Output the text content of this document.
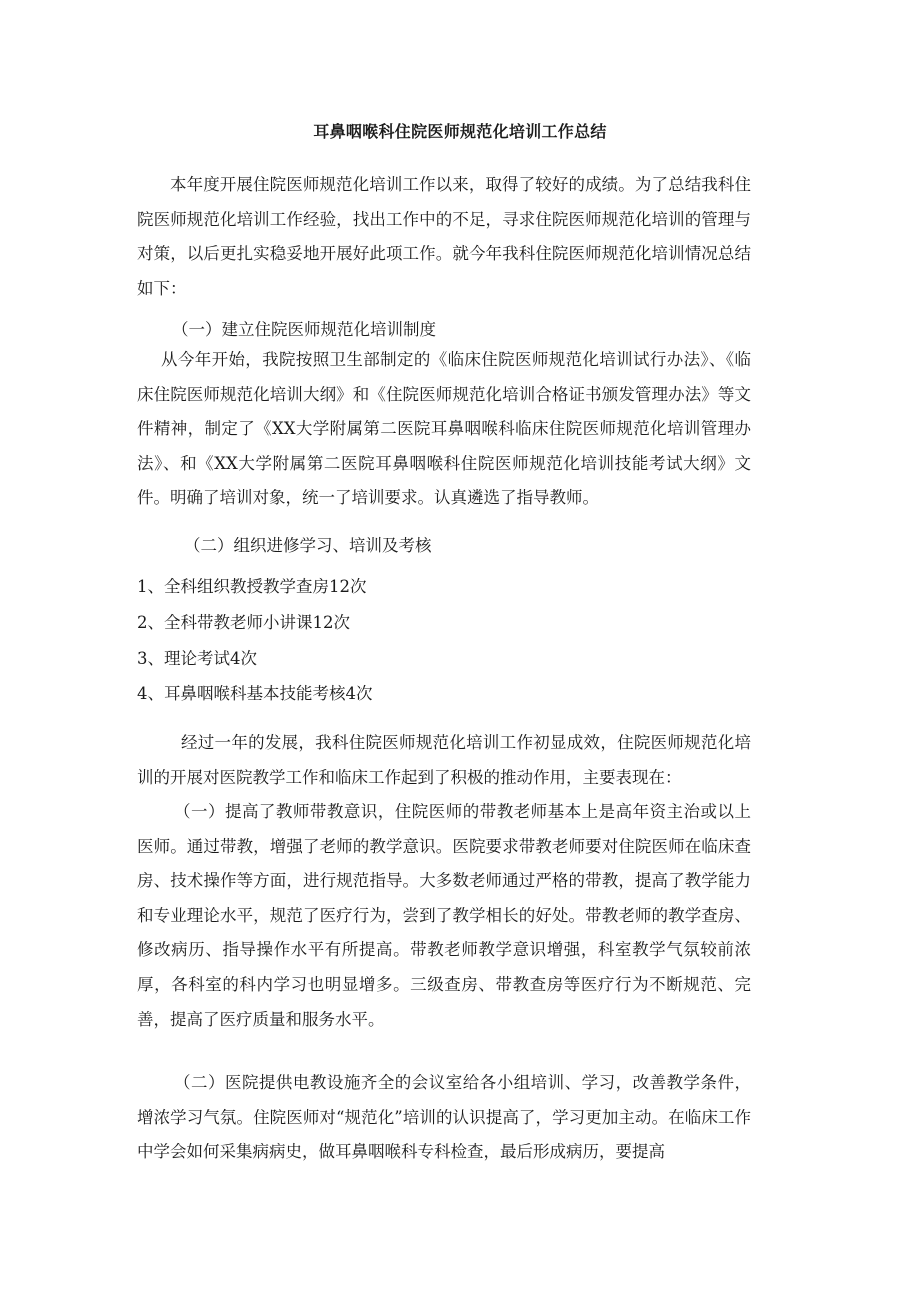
耳鼻咽喉科住院医师规范化培训工作总结

本年度开展住院医师规范化培训工作以来，取得了较好的成绩。为了总结我科住院医师规范化培训工作经验，找出工作中的不足，寻求住院医师规范化培训的管理与对策，以后更扎实稳妥地开展好此项工作。就今年我科住院医师规范化培训情况总结如下：

（一）建立住院医师规范化培训制度

从今年开始，我院按照卫生部制定的《临床住院医师规范化培训试行办法》、《临床住院医师规范化培训大纲》和《住院医师规范化培训合格证书颁发管理办法》等文件精神，制定了《XX大学附属第二医院耳鼻咽喉科临床住院医师规范化培训管理办法》、和《XX大学附属第二医院耳鼻咽喉科住院医师规范化培训技能考试大纲》文件。明确了培训对象，统一了培训要求。认真遴选了指导教师。

（二）组织进修学习、培训及考核

1、全科组织教授教学查房12次

2、全科带教老师小讲课12次

3、理论考试4次

4、耳鼻咽喉科基本技能考核4次

经过一年的发展，我科住院医师规范化培训工作初显成效，住院医师规范化培训的开展对医院教学工作和临床工作起到了积极的推动作用，主要表现在：

（一）提高了教师带教意识，住院医师的带教老师基本上是高年资主治或以上医师。通过带教，增强了老师的教学意识。医院要求带教老师要对住院医师在临床查房、技术操作等方面，进行规范指导。大多数老师通过严格的带教，提高了教学能力和专业理论水平，规范了医疗行为，尝到了教学相长的好处。带教老师的教学查房、修改病历、指导操作水平有所提高。带教老师教学意识增强，科室教学气氛较前浓厚，各科室的科内学习也明显增多。三级查房、带教查房等医疗行为不断规范、完善，提高了医疗质量和服务水平。

（二）医院提供电教设施齐全的会议室给各小组培训、学习，改善教学条件，增浓学习气氛。住院医师对“规范化”培训的认识提高了，学习更加主动。在临床工作中学会如何采集病病史，做耳鼻咽喉科专科检查，最后形成病历，要提高
